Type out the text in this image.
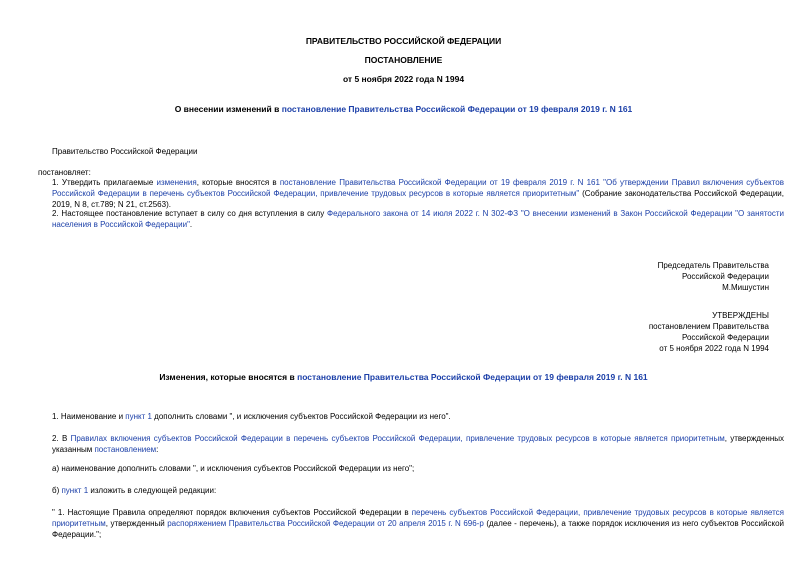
ПРАВИТЕЛЬСТВО РОССИЙСКОЙ ФЕДЕРАЦИИ
ПОСТАНОВЛЕНИЕ
от 5 ноября 2022 года N 1994
О внесении изменений в постановление Правительства Российской Федерации от 19 февраля 2019 г. N 161
Правительство Российской Федерации
постановляет:
1. Утвердить прилагаемые изменения, которые вносятся в постановление Правительства Российской Федерации от 19 февраля 2019 г. N 161 "Об утверждении Правил включения субъектов Российской Федерации в перечень субъектов Российской Федерации, привлечение трудовых ресурсов в которые является приоритетным" (Собрание законодательства Российской Федерации, 2019, N 8, ст.789; N 21, ст.2563).
2. Настоящее постановление вступает в силу со дня вступления в силу Федерального закона от 14 июля 2022 г. N 302-ФЗ "О внесении изменений в Закон Российской Федерации "О занятости населения в Российской Федерации".
Председатель Правительства
Российской Федерации
М.Мишустин
УТВЕРЖДЕНЫ
постановлением Правительства
Российской Федерации
от 5 ноября 2022 года N 1994
Изменения, которые вносятся в постановление Правительства Российской Федерации от 19 февраля 2019 г. N 161
1. Наименование и пункт 1 дополнить словами ", и исключения субъектов Российской Федерации из него".
2. В Правилах включения субъектов Российской Федерации в перечень субъектов Российской Федерации, привлечение трудовых ресурсов в которые является приоритетным, утвержденных указанным постановлением:
а) наименование дополнить словами ", и исключения субъектов Российской Федерации из него";
б) пункт 1 изложить в следующей редакции:
" 1. Настоящие Правила определяют порядок включения субъектов Российской Федерации в перечень субъектов Российской Федерации, привлечение трудовых ресурсов в которые является приоритетным, утвержденный распоряжением Правительства Российской Федерации от 20 апреля 2015 г. N 696-р (далее - перечень), а также порядок исключения из него субъектов Российской Федерации.";
